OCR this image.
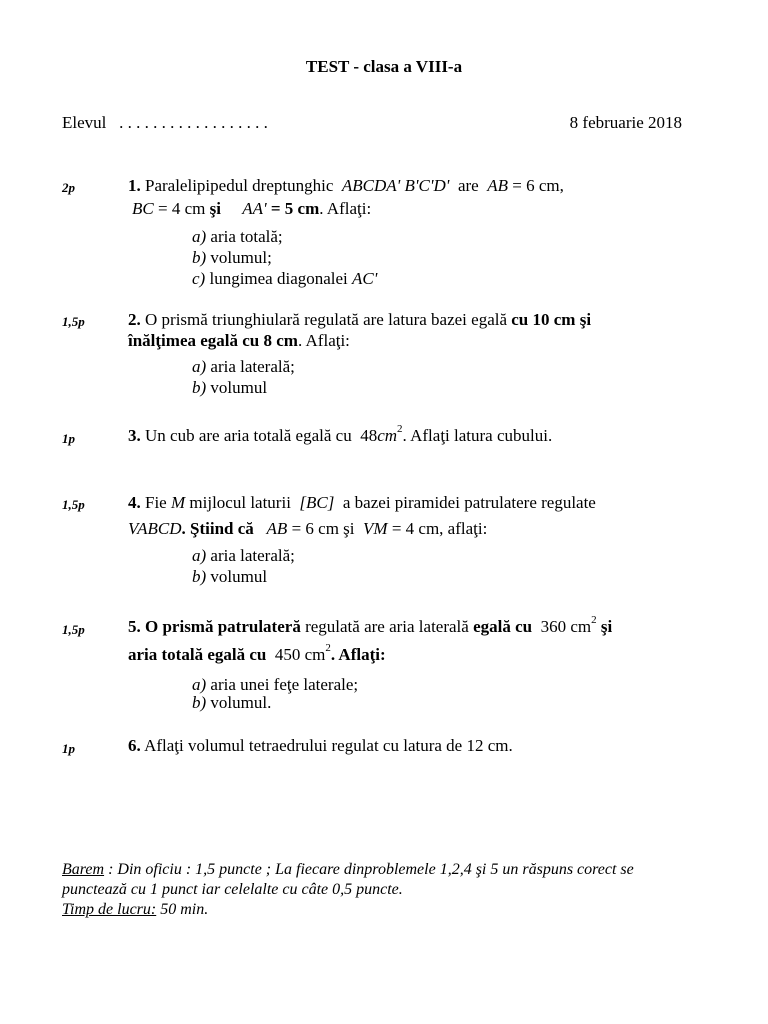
TEST - clasa a VIII-a
Elevul . . . . . . . . . . . . . . . . . .	8 februarie 2018
2p	1. Paralelipipedul dreptunghic ABCDA' B'C'D' are AB = 6 cm,
BC = 4 cm şi AA' = 5 cm. Aflaţi:
a) aria totală;
b) volumul;
c) lungimea diagonalei AC'
1,5p	2. O prismă triunghiulară regulată are latura bazei egală cu 10 cm şi
înălţimea egală cu 8 cm. Aflaţi:
a) aria laterală;
b) volumul
1p	3. Un cub are aria totală egală cu $48cm^2$. Aflaţi latura cubului.
1,5p	4. Fie M mijlocul laturii [BC] a bazei piramidei patrulatere regulate
VABCD. Ştiind că AB = 6 cm şi VM = 4 cm, aflaţi:
a) aria laterală;
b) volumul
1,5p	5. O prismă patrulateră regulată are aria laterală egală cu 360 $cm^2$ şi
aria totală egală cu 450 $cm^2$. Aflaţi:
a) aria unei feţe laterale;
b) volumul.
1p	6. Aflaţi volumul tetraedrului regulat cu latura de 12 cm.
Barem : Din oficiu : 1,5 puncte ; La fiecare dinproblemele 1,2,4 şi 5 un răspuns corect se punctează cu 1 punct iar celelalte cu câte 0,5 puncte.
Timp de lucru: 50 min.
